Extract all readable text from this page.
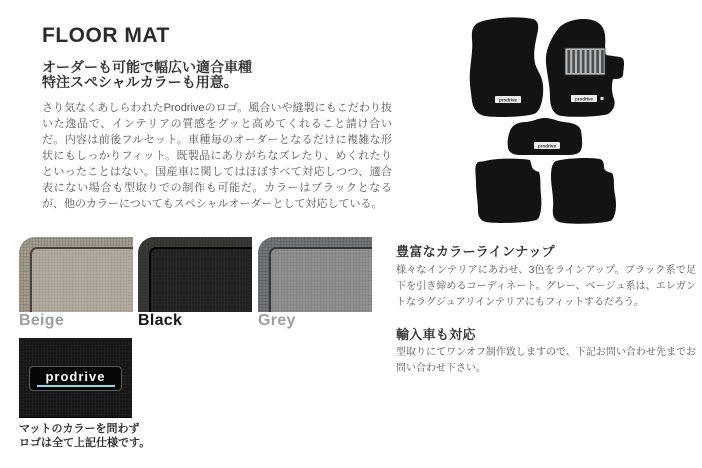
FLOOR MAT
オーダーも可能で幅広い適合車種
特注スペシャルカラーも用意。

さり気なくあしらわれたProdriveのロゴ。風合いや縫製にもこだわり抜いた逸品で、インテリアの質感をグッと高めてくれること請け合いだ。内容は前後フルセット。車種毎のオーダーとなるだけに複雑な形状にもしっかりフィット。既製品にありがちなズレたり、めくれたりといったことはない。国産車に関してはほぼすべて対応しつつ、適合表にない場合も型取りでの制作も可能だ。カラーはブラックとなるが、他のカラーについてもスペシャルオーダーとして対応している。

Beige	Black	Grey
prodrive
マットのカラーを問わず
ロゴは全て上記仕様です。
prodrive	prodrive
prodrive
豊富なカラーラインナップ

様々なインテリアにあわせ、3色をラインアップ。ブラック系で足下を引き締めるコーディネート。グレー、ベージュ系は、エレガントなラグジュアリインテリアにもフィットするだろう。

輸入車も対応

型取りにてワンオフ制作致しますので、下記お問い合わせ先までお問い合わせ下さい。
